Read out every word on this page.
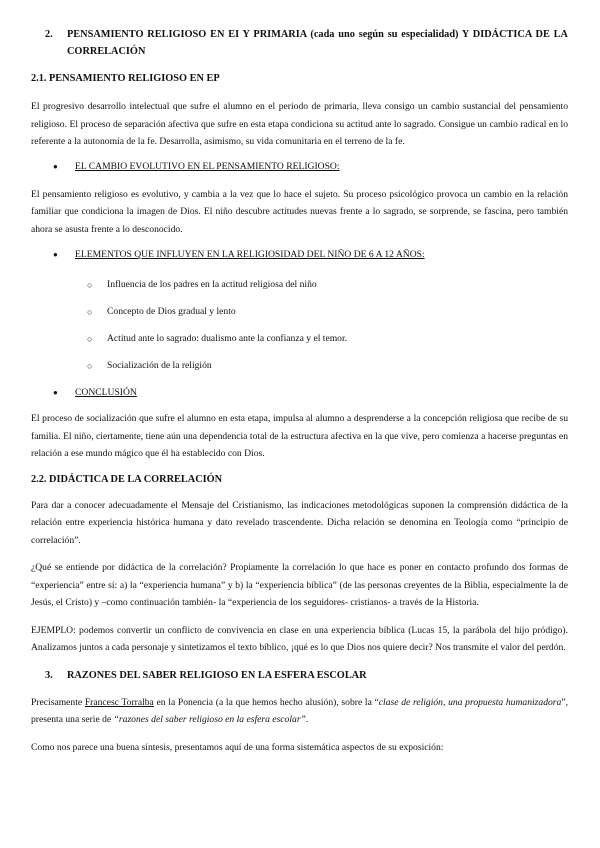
2.	PENSAMIENTO RELIGIOSO EN EI Y PRIMARIA (cada uno según su especialidad) Y DIDÁCTICA DE LA CORRELACIÓN
2.1. PENSAMIENTO RELIGIOSO EN EP

El progresivo desarrollo intelectual que sufre el alumno en el periodo de primaria, lleva consigo un cambio sustancial del pensamiento religioso. El proceso de separación afectiva que sufre en esta etapa condiciona su actitud ante lo sagrado. Consigue un cambio radical en lo referente a la autonomía de la fe. Desarrolla, asimismo, su vida comunitaria en el terreno de la fe.

●	EL CAMBIO EVOLUTIVO EN EL PENSAMIENTO RELIGIOSO:

El pensamiento religioso es evolutivo, y cambia a la vez que lo hace el sujeto. Su proceso psicológico provoca un cambio en la relación familiar que condiciona la imagen de Dios. El niño descubre actitudes nuevas frente a lo sagrado, se sorprende, se fascina, pero también ahora se asusta frente a lo desconocido.

●	ELEMENTOS QUE INFLUYEN EN LA RELIGIOSIDAD DEL NIÑO DE 6 A 12 AÑOS:
○	Influencia de los padres en la actitud religiosa del niño
○	Concepto de Dios gradual y lento
○	Actitud ante lo sagrado: dualismo ante la confianza y el temor.
○	Socialización de la religión
●	CONCLUSIÓN

El proceso de socialización que sufre el alumno en esta etapa, impulsa al alumno a desprenderse a la concepción religiosa que recibe de su familia. El niño, ciertamente, tiene aún una dependencia total de la estructura afectiva en la que vive, pero comienza a hacerse preguntas en relación a ese mundo mágico que él ha establecido con Dios.

2.2. DIDÁCTICA DE LA CORRELACIÓN

Para dar a conocer adecuadamente el Mensaje del Cristianismo, las indicaciones metodológicas suponen la comprensión didáctica de la relación entre experiencia histórica humana y dato revelado trascendente. Dicha relación se denomina en Teología como “principio de correlación”.

¿Qué se entiende por didáctica de la correlación? Propiamente la correlación lo que hace es poner en contacto profundo dos formas de “experiencia” entre sí: a) la “experiencia humana” y b) la “experiencia bíblica” (de las personas creyentes de la Biblia, especialmente la de Jesús, el Cristo) y –como continuación también- la “experiencia de los seguidores- cristianos- a través de la Historia.

EJEMPLO: podemos convertir un conflicto de convivencia en clase en una experiencia bíblica (Lucas 15, la parábola del hijo pródigo). Analizamos juntos a cada personaje y sintetizamos el texto bíblico, ¡qué es lo que Dios nos quiere decir? Nos transmite el valor del perdón.

3.	RAZONES DEL SABER RELIGIOSO EN LA ESFERA ESCOLAR

Precisamente Francesc Torralba en la Ponencia (a la que hemos hecho alusión), sobre la “clase de religión, una propuesta humanizadora”, presenta una serie de “razones del saber religioso en la esfera escolar”.

Como nos parece una buena síntesis, presentamos aquí de una forma sistemática aspectos de su exposición:
